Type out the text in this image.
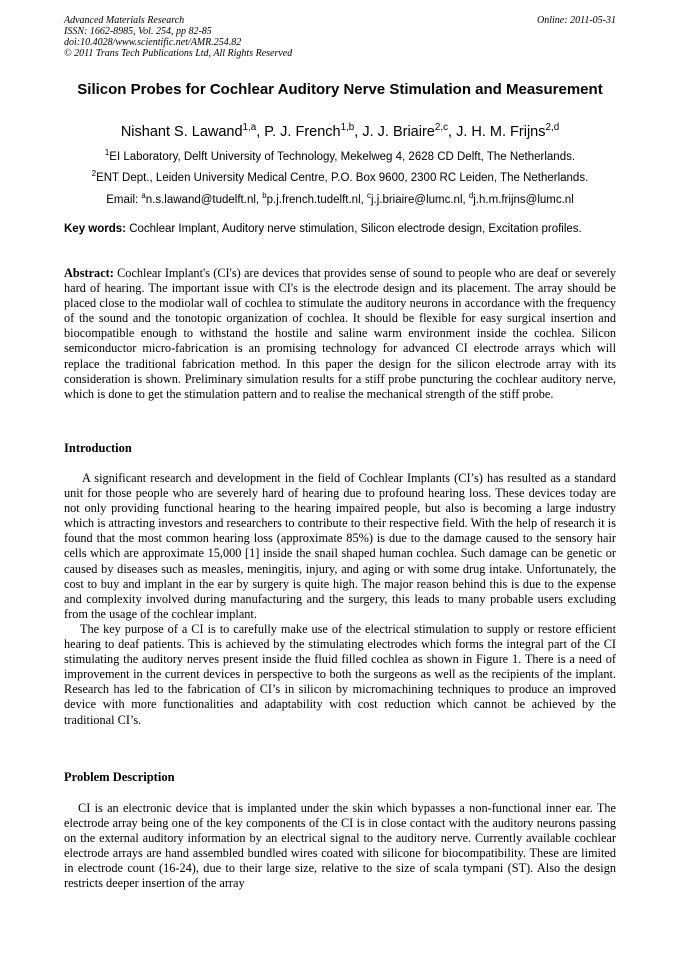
Advanced Materials Research
ISSN: 1662-8985, Vol. 254, pp 82-85
doi:10.4028/www.scientific.net/AMR.254.82
© 2011 Trans Tech Publications Ltd, All Rights Reserved
Online: 2011-05-31
Silicon Probes for Cochlear Auditory Nerve Stimulation and Measurement
Nishant S. Lawand$^{1,a}$, P. J. French$^{1,b}$, J. J. Briaire$^{2,c}$, J. H. M. Frijns$^{2,d}$
$^1$EI Laboratory, Delft University of Technology, Mekelweg 4, 2628 CD Delft, The Netherlands.
$^2$ENT Dept., Leiden University Medical Centre, P.O. Box 9600, 2300 RC Leiden, The Netherlands.
Email: $^a$n.s.lawand@tudelft.nl, $^b$p.j.french.tudelft.nl, $^c$j.j.briaire@lumc.nl, $^d$j.h.m.frijns@lumc.nl
Key words: Cochlear Implant, Auditory nerve stimulation, Silicon electrode design, Excitation profiles.

Abstract: Cochlear Implant's (CI's) are devices that provides sense of sound to people who are deaf or severely hard of hearing. The important issue with CI's is the electrode design and its placement. The array should be placed close to the modiolar wall of cochlea to stimulate the auditory neurons in accordance with the frequency of the sound and the tonotopic organization of cochlea. It should be flexible for easy surgical insertion and biocompatible enough to withstand the hostile and saline warm environment inside the cochlea. Silicon semiconductor micro-fabrication is an promising technology for advanced CI electrode arrays which will replace the traditional fabrication method. In this paper the design for the silicon electrode array with its consideration is shown. Preliminary simulation results for a stiff probe puncturing the cochlear auditory nerve, which is done to get the stimulation pattern and to realise the mechanical strength of the stiff probe.

Introduction

A significant research and development in the field of Cochlear Implants (CI’s) has resulted as a standard unit for those people who are severely hard of hearing due to profound hearing loss. These devices today are not only providing functional hearing to the hearing impaired people, but also is becoming a large industry which is attracting investors and researchers to contribute to their respective field. With the help of research it is found that the most common hearing loss (approximate 85%) is due to the damage caused to the sensory hair cells which are approximate 15,000 [1] inside the snail shaped human cochlea. Such damage can be genetic or caused by diseases such as measles, meningitis, injury, and aging or with some drug intake. Unfortunately, the cost to buy and implant in the ear by surgery is quite high. The major reason behind this is due to the expense and complexity involved during manufacturing and the surgery, this leads to many probable users excluding from the usage of the cochlear implant.

The key purpose of a CI is to carefully make use of the electrical stimulation to supply or restore efficient hearing to deaf patients. This is achieved by the stimulating electrodes which forms the integral part of the CI stimulating the auditory nerves present inside the fluid filled cochlea as shown in Figure 1. There is a need of improvement in the current devices in perspective to both the surgeons as well as the recipients of the implant. Research has led to the fabrication of CI’s in silicon by micromachining techniques to produce an improved device with more functionalities and adaptability with cost reduction which cannot be achieved by the traditional CI’s.

Problem Description

CI is an electronic device that is implanted under the skin which bypasses a non-functional inner ear. The electrode array being one of the key components of the CI is in close contact with the auditory neurons passing on the external auditory information by an electrical signal to the auditory nerve. Currently available cochlear electrode arrays are hand assembled bundled wires coated with silicone for biocompatibility. These are limited in electrode count (16-24), due to their large size, relative to the size of scala tympani (ST). Also the design restricts deeper insertion of the array
